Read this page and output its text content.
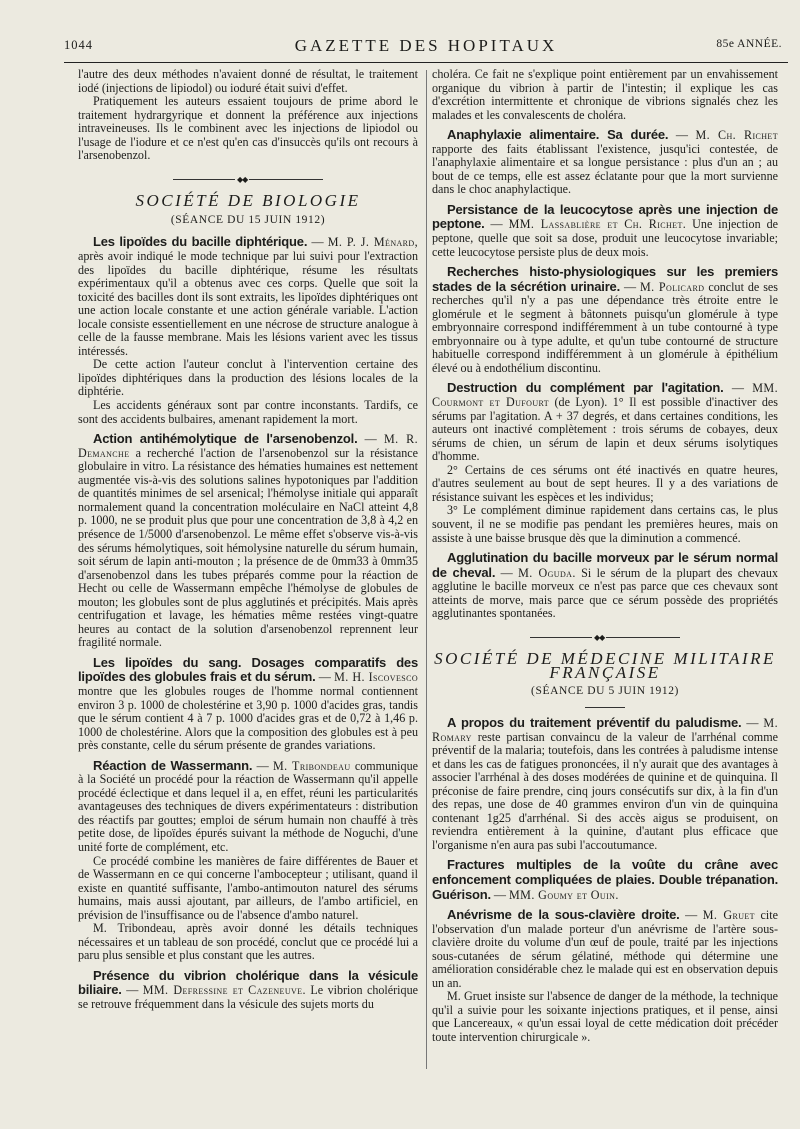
1044	GAZETTE DES HOPITAUX	85e ANNÉE.

l'autre des deux méthodes n'avaient donné de résultat, le traitement iodé (injections de lipiodol) ou ioduré était suivi d'effet.

Pratiquement les auteurs essaient toujours de prime abord le traitement hydrargyrique et donnent la préférence aux injections intraveineuses. Ils le combinent avec les injections de lipiodol ou l'usage de l'iodure et ce n'est qu'en cas d'insuccès qu'ils ont recours à l'arsenobenzol.

◆◆
SOCIÉTÉ DE BIOLOGIE
(SÉANCE DU 15 JUIN 1912)

Les lipoïdes du bacille diphtérique. — M. P. J. Ménard, après avoir indiqué le mode technique par lui suivi pour l'extraction des lipoïdes du bacille diphtérique, résume les résultats expérimentaux qu'il a obtenus avec ces corps. Quelle que soit la toxicité des bacilles dont ils sont extraits, les lipoïdes diphtériques ont une action locale constante et une action générale variable. L'action locale consiste essentiellement en une nécrose de structure analogue à celle de la fausse membrane. Mais les lésions varient avec les tissus intéressés.

De cette action l'auteur conclut à l'intervention certaine des lipoïdes diphtériques dans la production des lésions locales de la diphtérie.

Les accidents généraux sont par contre inconstants. Tardifs, ce sont des accidents bulbaires, amenant rapidement la mort.

Action antihémolytique de l'arsenobenzol. — M. R. Demanche a recherché l'action de l'arsenobenzol sur la résistance globulaire in vitro. La résistance des hématies humaines est nettement augmentée vis-à-vis des solutions salines hypotoniques par l'addition de quantités minimes de sel arsenical; l'hémolyse initiale qui apparaît normalement quand la concentration moléculaire en NaCl atteint 4,8 p. 1000, ne se produit plus que pour une concentration de 3,8 à 4,2 en présence de 1/5000 d'arsenobenzol. Le même effet s'observe vis-à-vis des sérums hémolytiques, soit hémolysine naturelle du sérum humain, soit sérum de lapin anti-mouton ; la présence de de 0mm33 à 0mm35 d'arsenobenzol dans les tubes préparés comme pour la réaction de Hecht ou celle de Wassermann empêche l'hémolyse de globules de mouton; les globules sont de plus agglutinés et précipités. Mais après centrifugation et lavage, les hématies même restées vingt-quatre heures au contact de la solution d'arsenobenzol reprennent leur fragilité normale.

Les lipoïdes du sang. Dosages comparatifs des lipoïdes des globules frais et du sérum. — M. H. Iscovesco montre que les globules rouges de l'homme normal contiennent environ 3 p. 1000 de cholestérine et 3,90 p. 1000 d'acides gras, tandis que le sérum contient 4 à 7 p. 1000 d'acides gras et de 0,72 à 1,46 p. 1000 de cholestérine. Alors que la composition des globules est à peu près constante, celle du sérum présente de grandes variations.

Réaction de Wassermann. — M. Tribondeau communique à la Société un procédé pour la réaction de Wassermann qu'il appelle procédé éclectique et dans lequel il a, en effet, réuni les particularités avantageuses des techniques de divers expérimentateurs : distribution des réactifs par gouttes; emploi de sérum humain non chauffé à très petite dose, de lipoïdes épurés suivant la méthode de Noguchi, d'une unité forte de complément, etc.

Ce procédé combine les manières de faire différentes de Bauer et de Wassermann en ce qui concerne l'ambocepteur ; utilisant, quand il existe en quantité suffisante, l'ambo-antimouton naturel des sérums humains, mais aussi ajoutant, par ailleurs, de l'ambo artificiel, en prévision de l'insuffisance ou de l'absence d'ambo naturel.

M. Tribondeau, après avoir donné les détails techniques nécessaires et un tableau de son procédé, conclut que ce procédé lui a paru plus sensible et plus constant que les autres.

Présence du vibrion cholérique dans la vésicule biliaire. — MM. Defressine et Cazeneuve. Le vibrion cholérique se retrouve fréquemment dans la vésicule des sujets morts du

choléra. Ce fait ne s'explique point entièrement par un envahissement organique du vibrion à partir de l'intestin; il explique les cas d'excrétion intermittente et chronique de vibrions signalés chez les malades et les convalescents de choléra.

Anaphylaxie alimentaire. Sa durée. — M. Ch. Richet rapporte des faits établissant l'existence, jusqu'ici contestée, de l'anaphylaxie alimentaire et sa longue persistance : plus d'un an ; au bout de ce temps, elle est assez éclatante pour que la mort survienne dans le choc anaphylactique.

Persistance de la leucocytose après une injection de peptone. — MM. Lassablière et Ch. Richet. Une injection de peptone, quelle que soit sa dose, produit une leucocytose invariable; cette leucocytose persiste plus de deux mois.

Recherches histo-physiologiques sur les premiers stades de la sécrétion urinaire. — M. Policard conclut de ses recherches qu'il n'y a pas une dépendance très étroite entre le glomérule et le segment à bâtonnets puisqu'un glomérule à type embryonnaire correspond indifféremment à un tube contourné à type embryonnaire ou à type adulte, et qu'un tube contourné de structure habituelle correspond indifféremment à un glomérule à épithélium élevé ou à endothélium discontinu.

Destruction du complément par l'agitation. — MM. Courmont et Dufourt (de Lyon). 1° Il est possible d'inactiver des sérums par l'agitation. A + 37 degrés, et dans certaines conditions, les auteurs ont inactivé complètement : trois sérums de cobayes, deux sérums de chien, un sérum de lapin et deux sérums isolytiques d'homme.

2° Certains de ces sérums ont été inactivés en quatre heures, d'autres seulement au bout de sept heures. Il y a des variations de résistance suivant les espèces et les individus;

3° Le complément diminue rapidement dans certains cas, le plus souvent, il ne se modifie pas pendant les premières heures, mais on assiste à une baisse brusque dès que la diminution a commencé.

Agglutination du bacille morveux par le sérum normal de cheval. — M. Oguda. Si le sérum de la plupart des chevaux agglutine le bacille morveux ce n'est pas parce que ces chevaux sont atteints de morve, mais parce que ce sérum possède des propriétés agglutinantes spontanées.

◆◆
SOCIÉTÉ DE MÉDECINE MILITAIRE FRANÇAISE
(SÉANCE DU 5 JUIN 1912)

A propos du traitement préventif du paludisme. — M. Romary reste partisan convaincu de la valeur de l'arrhénal comme préventif de la malaria; toutefois, dans les contrées à paludisme intense et dans les cas de fatigues prononcées, il n'y aurait que des avantages à associer l'arrhénal à des doses modérées de quinine et de quinquina. Il préconise de faire prendre, cinq jours consécutifs sur dix, à la fin d'un des repas, une dose de 40 grammes environ d'un vin de quinquina contenant 1g25 d'arrhénal. Si des accès aigus se produisent, on reviendra entièrement à la quinine, d'autant plus efficace que l'organisme n'en aura pas subi l'accoutumance.

Fractures multiples de la voûte du crâne avec enfoncement compliquées de plaies. Double trépanation. Guérison. — MM. Goumy et Ouin.

Anévrisme de la sous-clavière droite. — M. Gruet cite l'observation d'un malade porteur d'un anévrisme de l'artère sous-clavière droite du volume d'un œuf de poule, traité par les injections sous-cutanées de sérum gélatiné, méthode qui détermine une amélioration considérable chez le malade qui est en observation depuis un an.

M. Gruet insiste sur l'absence de danger de la méthode, la technique qu'il a suivie pour les soixante injections pratiques, et il pense, ainsi que Lancereaux, « qu'un essai loyal de cette médication doit précéder toute intervention chirurgicale ».
